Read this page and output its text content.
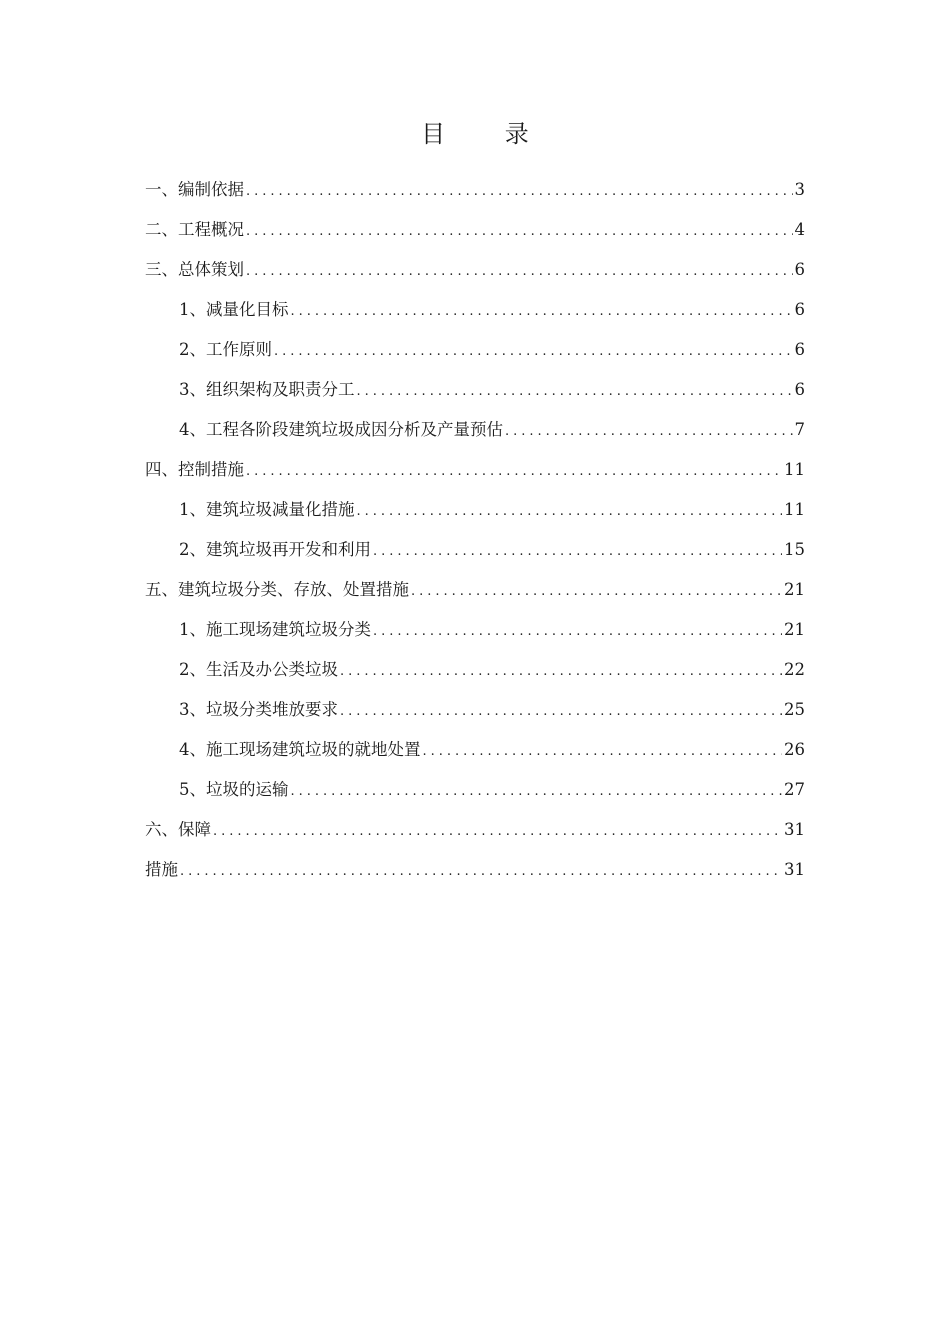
目 录
一、编制依据 .....	3
二、工程概况 .....	4
三、总体策划 .....	6
1、减量化目标 .....	6
2、工作原则 .....	6
3、组织架构及职责分工 .....	6
4、工程各阶段建筑垃圾成因分析及产量预估 .....	7
四、控制措施 .....	11
1、建筑垃圾减量化措施 .....	11
2、建筑垃圾再开发和利用 .....	15
五、建筑垃圾分类、存放、处置措施 .....	21
1、施工现场建筑垃圾分类 .....	21
2、生活及办公类垃圾 .....	22
3、垃圾分类堆放要求 .....	25
4、施工现场建筑垃圾的就地处置 .....	26
5、垃圾的运输 .....	27
六、保障 .....	31
措施 .....	31
